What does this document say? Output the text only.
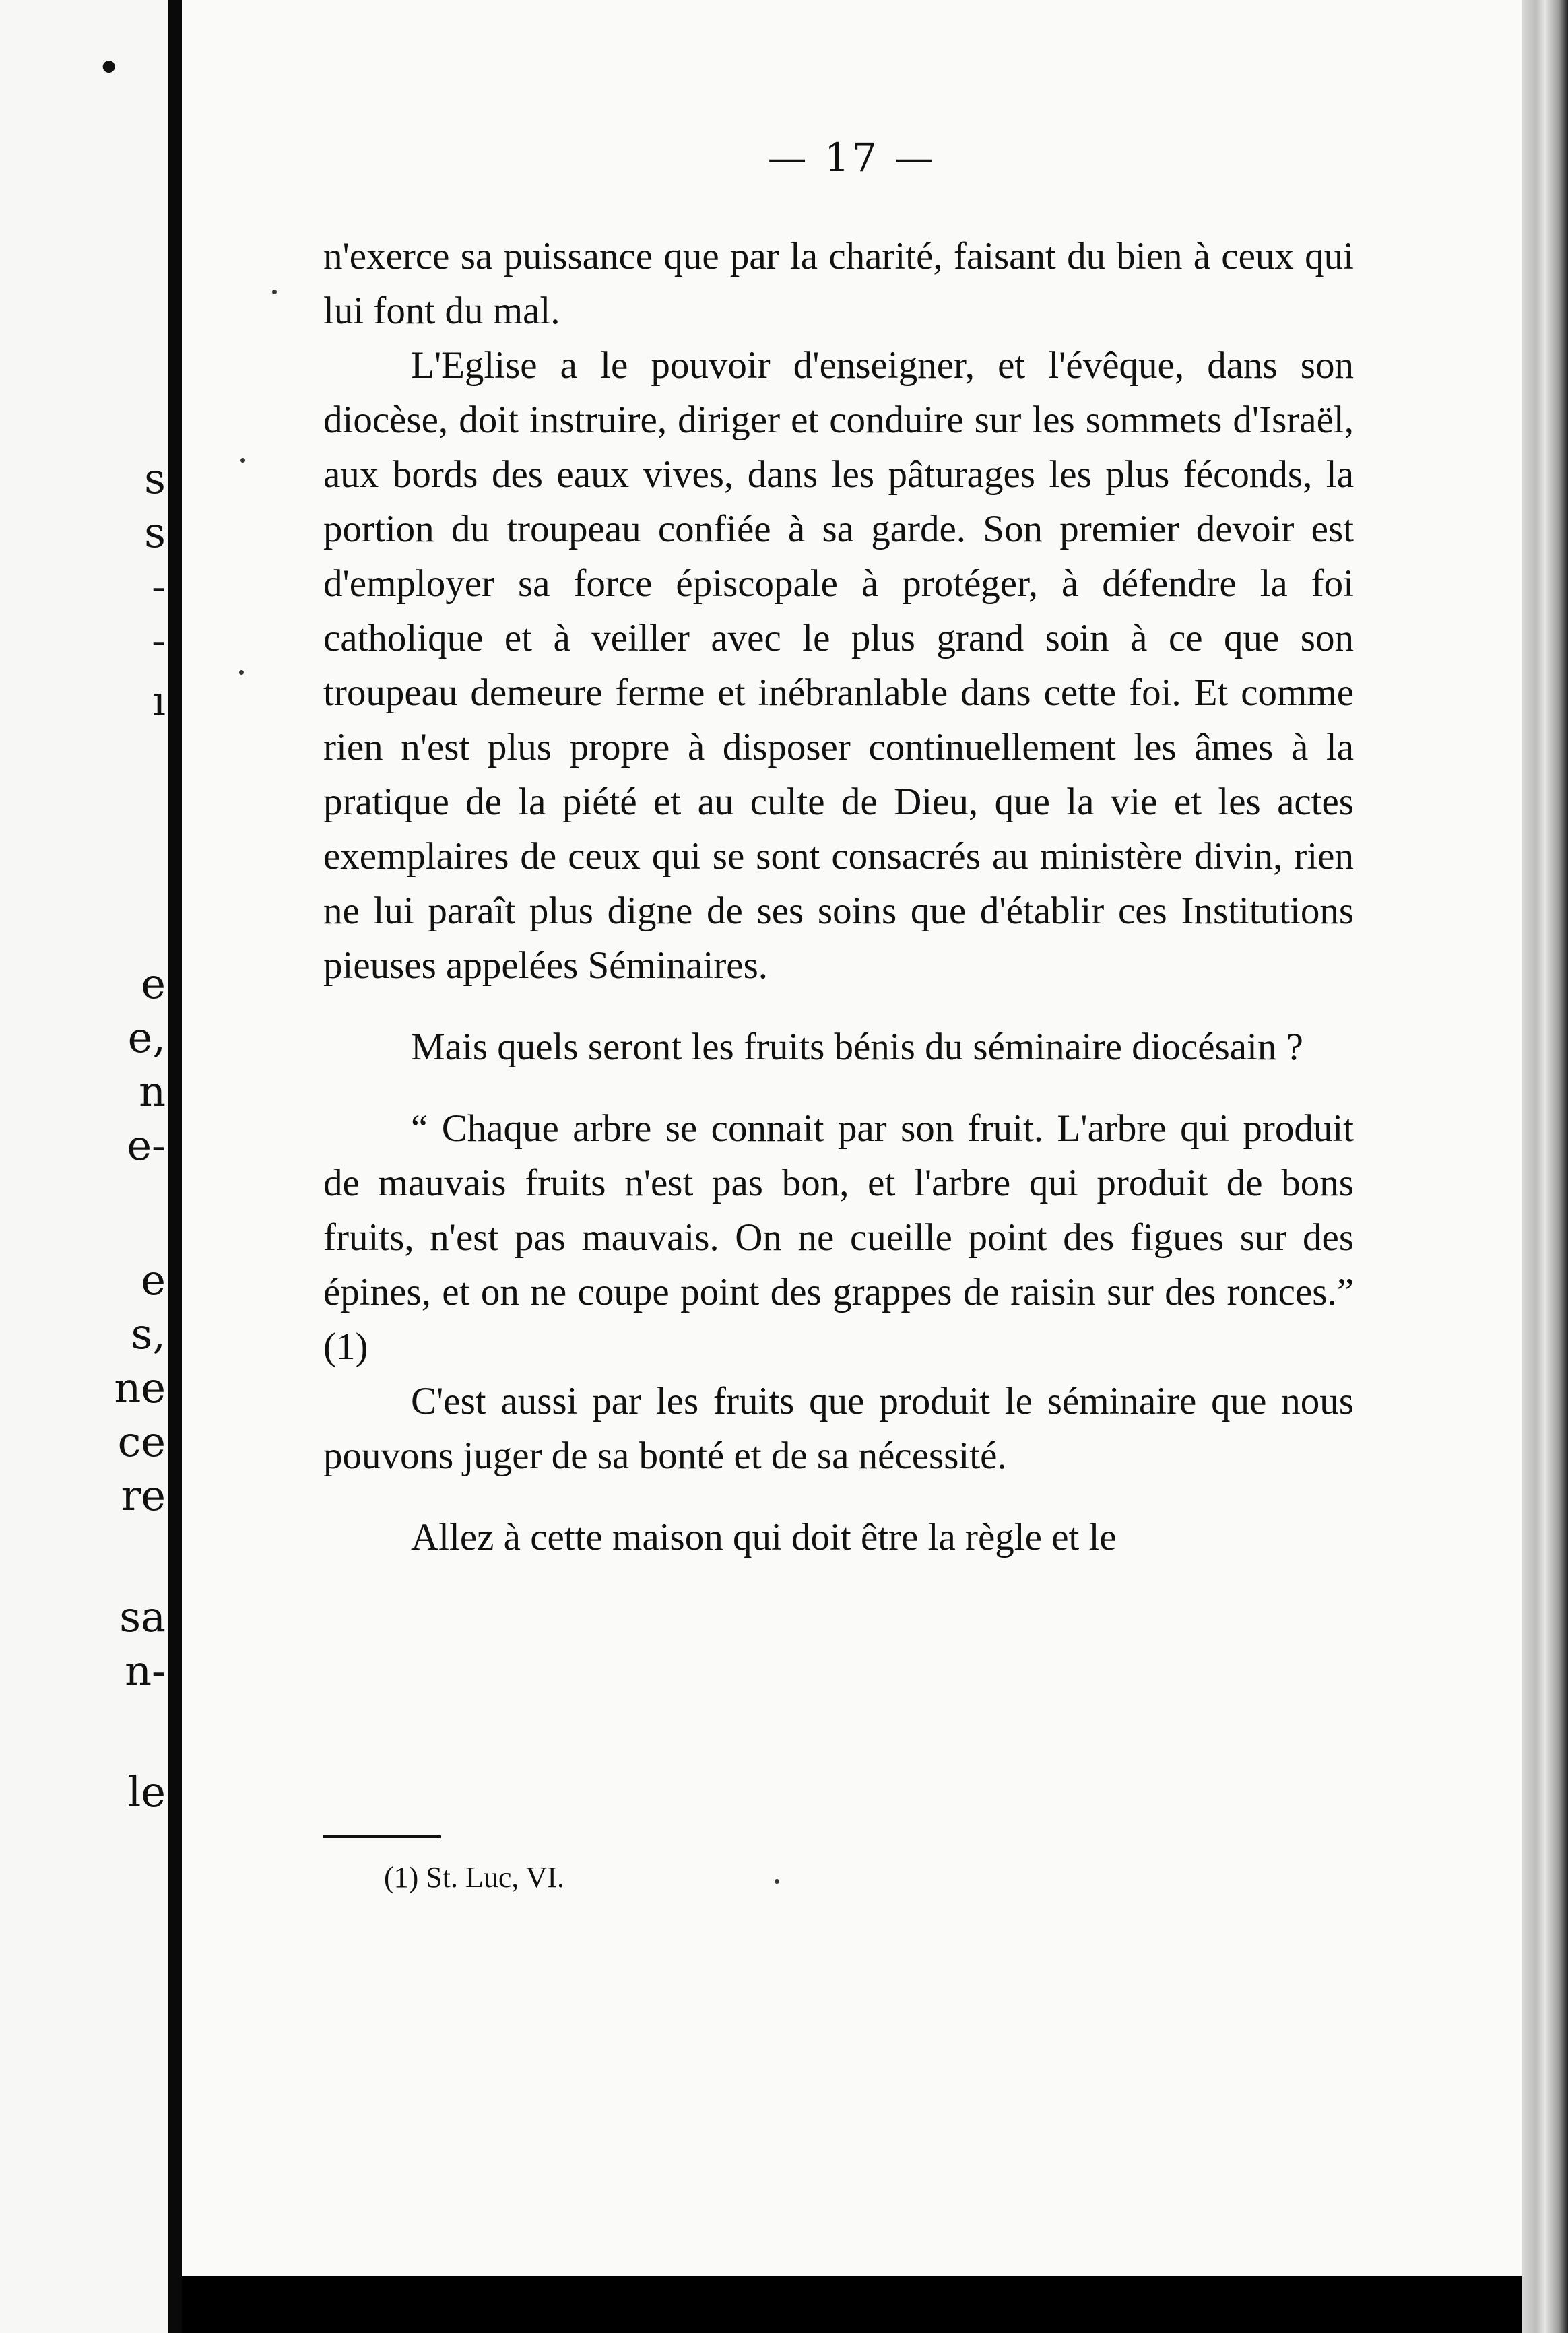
•
s
s
-
-
ı
e
e,
n
e-
e
s,
ne
ce
re
sa
n-
le
— 17 —

n'exerce sa puissance que par la charité, faisant du bien à ceux qui lui font du mal.

L'Eglise a le pouvoir d'enseigner, et l'évêque, dans son diocèse, doit instruire, diriger et conduire sur les sommets d'Israël, aux bords des eaux vives, dans les pâturages les plus féconds, la portion du troupeau confiée à sa garde. Son premier devoir est d'employer sa force épiscopale à protéger, à défendre la foi catholique et à veiller avec le plus grand soin à ce que son troupeau demeure ferme et inébranlable dans cette foi. Et comme rien n'est plus propre à disposer continuellement les âmes à la pratique de la piété et au culte de Dieu, que la vie et les actes exemplaires de ceux qui se sont consacrés au ministère divin, rien ne lui paraît plus digne de ses soins que d'établir ces Institutions pieuses appelées Séminaires.

Mais quels seront les fruits bénis du séminaire diocésain ?

“ Chaque arbre se connait par son fruit. L'arbre qui produit de mauvais fruits n'est pas bon, et l'arbre qui produit de bons fruits, n'est pas mauvais. On ne cueille point des figues sur des épines, et on ne coupe point des grappes de raisin sur des ronces.” (1)

C'est aussi par les fruits que produit le séminaire que nous pouvons juger de sa bonté et de sa nécessité.

Allez à cette maison qui doit être la règle et le

(1) St. Luc, VI.
